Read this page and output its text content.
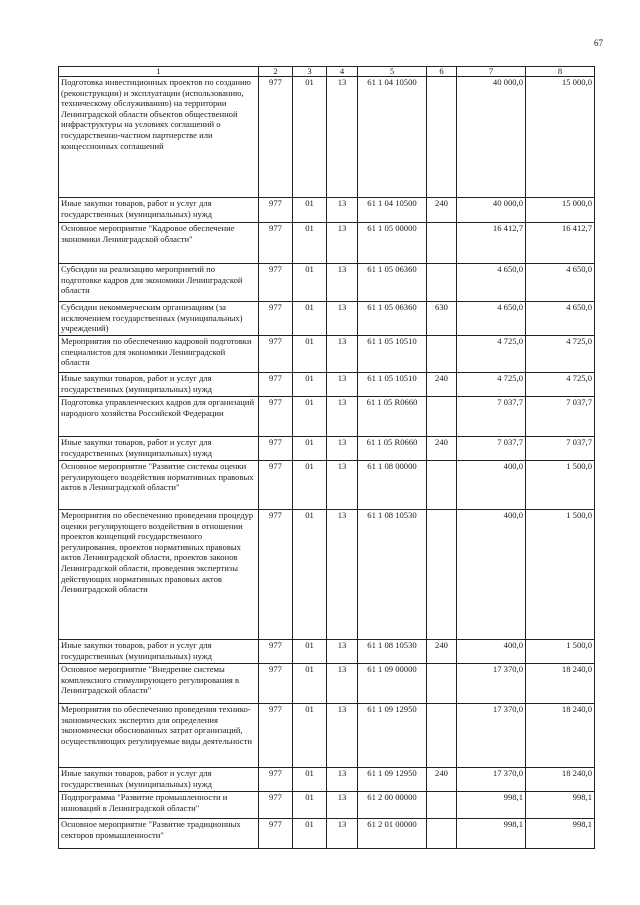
67
1	2	3	4	5	6	7	8
Подготовка инвестиционных проектов по созданию (реконструкции) и эксплуатации (использованию, техническому обслуживанию) на территории Ленинградской области объектов общественной инфраструктуры на условиях соглашений о государственно-частном партнерстве или концессионных соглашений	977	01	13	61 1 04 10500		40 000,0	15 000,0
Иные закупки товаров, работ и услуг для государственных (муниципальных) нужд	977	01	13	61 1 04 10500	240	40 000,0	15 000,0
Основное мероприятие "Кадровое обеспечение экономики Ленинградской области"	977	01	13	61 1 05 00000		16 412,7	16 412,7
Субсидии на реализацию мероприятий по подготовке кадров для экономики Ленинградской области	977	01	13	61 1 05 06360		4 650,0	4 650,0
Субсидии некоммерческим организациям (за исключением государственных (муниципальных) учреждений)	977	01	13	61 1 05 06360	630	4 650,0	4 650,0
Мероприятия по обеспечению кадровой подготовки специалистов для экономики Ленинградской области	977	01	13	61 1 05 10510		4 725,0	4 725,0
Иные закупки товаров, работ и услуг для государственных (муниципальных) нужд	977	01	13	61 1 05 10510	240	4 725,0	4 725,0
Подготовка управленческих кадров для организаций народного хозяйства Российской Федерации	977	01	13	61 1 05 R0660		7 037,7	7 037,7
Иные закупки товаров, работ и услуг для государственных (муниципальных) нужд	977	01	13	61 1 05 R0660	240	7 037,7	7 037,7
Основное мероприятие "Развитие системы оценки регулирующего воздействия нормативных правовых актов в Ленинградской области"	977	01	13	61 1 08 00000		400,0	1 500,0
Мероприятия по обеспечению проведения процедур оценки регулирующего воздействия в отношении проектов концепций государственного регулирования, проектов нормативных правовых актов Ленинградской области, проектов законов Ленинградской области, проведения экспертизы действующих нормативных правовых актов Ленинградской области	977	01	13	61 1 08 10530		400,0	1 500,0
Иные закупки товаров, работ и услуг для государственных (муниципальных) нужд	977	01	13	61 1 08 10530	240	400,0	1 500,0
Основное мероприятие "Внедрение системы комплексного стимулирующего регулирования в Ленинградской области"	977	01	13	61 1 09 00000		17 370,0	18 240,0
Мероприятия по обеспечению проведения технико-экономических экспертиз для определения экономически обоснованных затрат организаций, осуществляющих регулируемые виды деятельности	977	01	13	61 1 09 12950		17 370,0	18 240,0
Иные закупки товаров, работ и услуг для государственных (муниципальных) нужд	977	01	13	61 1 09 12950	240	17 370,0	18 240,0
Подпрограмма "Развитие промышленности и инноваций в Ленинградской области"	977	01	13	61 2 00 00000		998,1	998,1
Основное мероприятие "Развитие традиционных секторов промышленности"	977	01	13	61 2 01 00000		998,1	998,1
